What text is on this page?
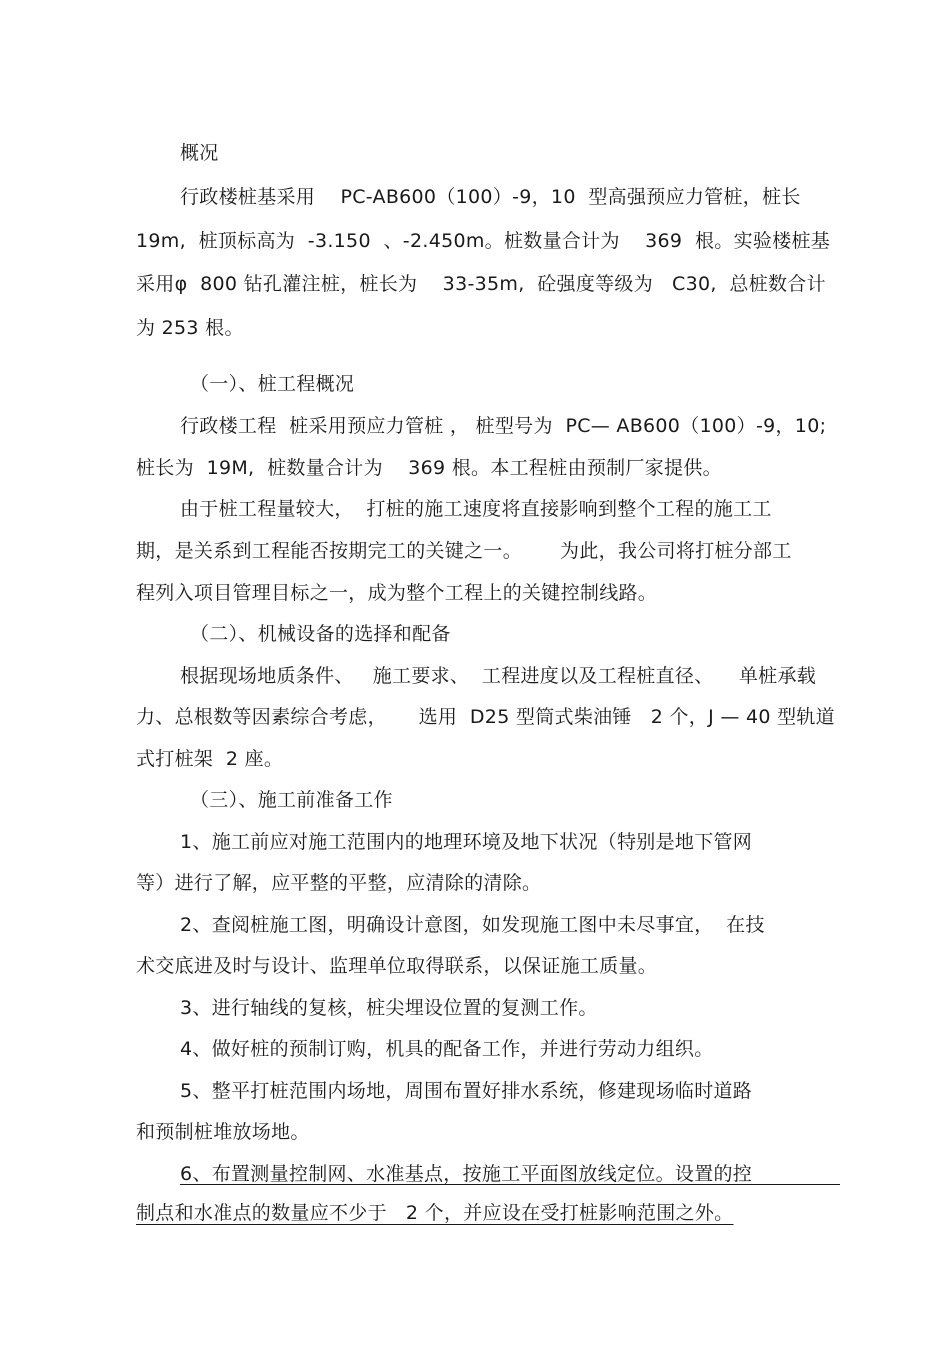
概况
行政楼桩基采用    PC-AB600（100）-9，10  型高强预应力管桩，桩长
19m,  桩顶标高为  -3.150  、-2.450m。桩数量合计为    369  根。实验楼桩基
采用φ  800 钻孔灌注桩，桩长为    33-35m,  砼强度等级为   C30,  总桩数合计
为 253 根。
（一）、桩工程概况
行政楼工程  桩采用预应力管桩 ， 桩型号为  PC— AB600（100）-9，10;
桩长为  19M,  桩数量合计为    369 根。本工程桩由预制厂家提供。
由于桩工程量较大，  打桩的施工速度将直接影响到整个工程的施工工
期，是关系到工程能否按期完工的关键之一。      为此，我公司将打桩分部工
程列入项目管理目标之一，成为整个工程上的关键控制线路。
（二）、机械设备的选择和配备
根据现场地质条件、   施工要求、  工程进度以及工程桩直径、    单桩承载
力、总根数等因素综合考虑，     选用  D25 型筒式柴油锤   2 个，J — 40 型轨道
式打桩架  2 座。
（三）、施工前准备工作
1、施工前应对施工范围内的地理环境及地下状况（特别是地下管网
等）进行了解，应平整的平整，应清除的清除。
2、查阅桩施工图，明确设计意图，如发现施工图中未尽事宜，  在技
术交底进及时与设计、监理单位取得联系，以保证施工质量。
3、进行轴线的复核，桩尖埋设位置的复测工作。
4、做好桩的预制订购，机具的配备工作，并进行劳动力组织。
5、整平打桩范围内场地，周围布置好排水系统，修建现场临时道路
和预制桩堆放场地。
6、布置测量控制网、水准基点，按施工平面图放线定位。设置的控
制点和水准点的数量应不少于   2 个，并应设在受打桩影响范围之外。
